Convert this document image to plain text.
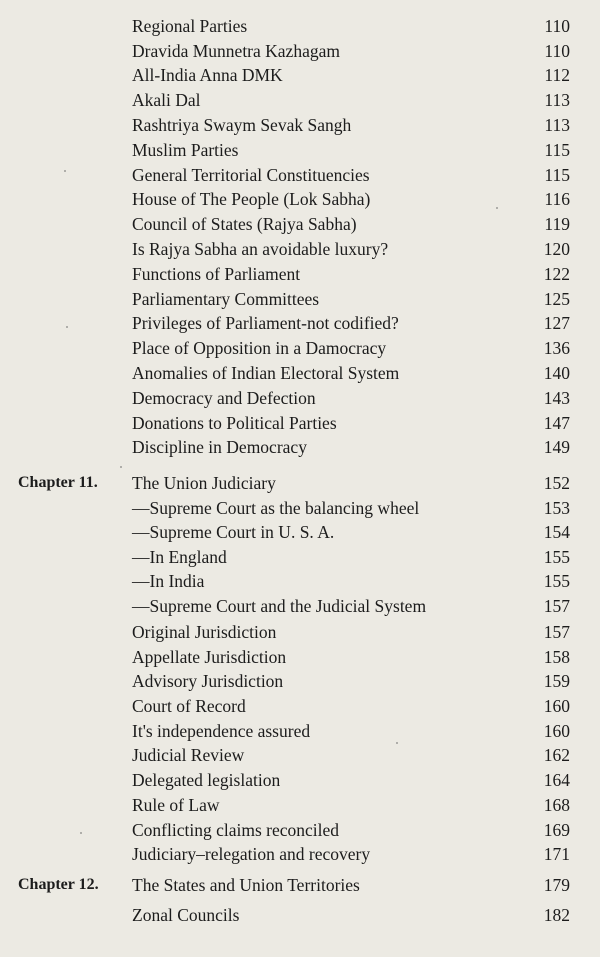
Regional Parties	110
Dravida Munnetra Kazhagam	110
All-India Anna DMK	112
Akali Dal	113
Rashtriya Swaym Sevak Sangh	113
Muslim Parties	115
General Territorial Constituencies	115
House of The People (Lok Sabha)	116
Council of States (Rajya Sabha)	119
Is Rajya Sabha an avoidable luxury?	120
Functions of Parliament	122
Parliamentary Committees	125
Privileges of Parliament-not codified?	127
Place of Opposition in a Damocracy	136
Anomalies of Indian Electoral System	140
Democracy and Defection	143
Donations to Political Parties	147
Discipline in Democracy	149
Chapter 11. The Union Judiciary	152
—Supreme Court as the balancing wheel	153
—Supreme Court in U. S. A.	154
—In England	155
—In India	155
—Supreme Court and the Judicial System	157
Original Jurisdiction	157
Appellate Jurisdiction	158
Advisory Jurisdiction	159
Court of Record	160
It's independence assured	160
Judicial Review	162
Delegated legislation	164
Rule of Law	168
Conflicting claims reconciled	169
Judiciary–relegation and recovery	171
Chapter 12. The States and Union Territories	179
Zonal Councils	182
